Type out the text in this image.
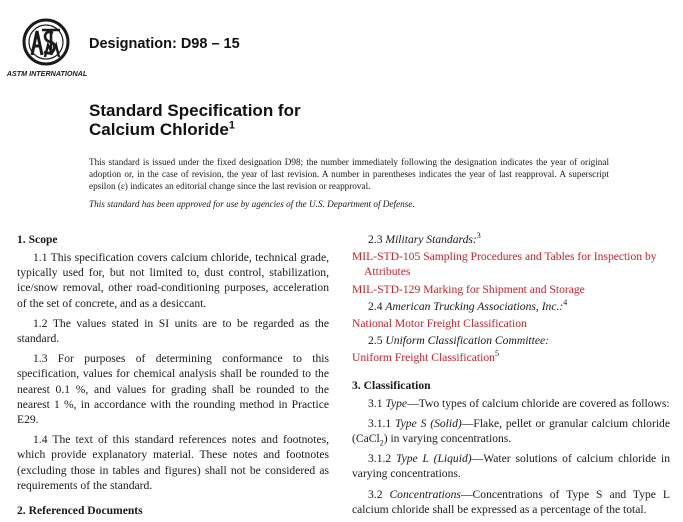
ASTM INTERNATIONAL
Designation: D98 – 15
Standard Specification for
Calcium Chloride$^1$

This standard is issued under the fixed designation D98; the number immediately following the designation indicates the year of original adoption or, in the case of revision, the year of last revision. A number in parentheses indicates the year of last reapproval. A superscript epsilon (ε) indicates an editorial change since the last revision or reapproval.

This standard has been approved for use by agencies of the U.S. Department of Defense.

1. Scope

1.1 This specification covers calcium chloride, technical grade, typically used for, but not limited to, dust control, stabilization, ice/snow removal, other road-conditioning purposes, acceleration of the set of concrete, and as a desiccant.

1.2 The values stated in SI units are to be regarded as the standard.

1.3 For purposes of determining conformance to this specification, values for chemical analysis shall be rounded to the nearest 0.1 %, and values for grading shall be rounded to the nearest 1 %, in accordance with the rounding method in Practice E29.

1.4 The text of this standard references notes and footnotes, which provide explanatory material. These notes and footnotes (excluding those in tables and figures) shall not be considered as requirements of the standard.

2. Referenced Documents

2.3 Military Standards:$^3$

MIL-STD-105 Sampling Procedures and Tables for Inspection by Attributes

MIL-STD-129 Marking for Shipment and Storage

2.4 American Trucking Associations, Inc.:$^4$

National Motor Freight Classification

2.5 Uniform Classification Committee:

Uniform Freight Classification$^5$

3. Classification

3.1 Type—Two types of calcium chloride are covered as follows:

3.1.1 Type S (Solid)—Flake, pellet or granular calcium chloride (CaCl$_2$) in varying concentrations.

3.1.2 Type L (Liquid)—Water solutions of calcium chloride in varying concentrations.

3.2 Concentrations—Concentrations of Type S and Type L calcium chloride shall be expressed as a percentage of the total.
